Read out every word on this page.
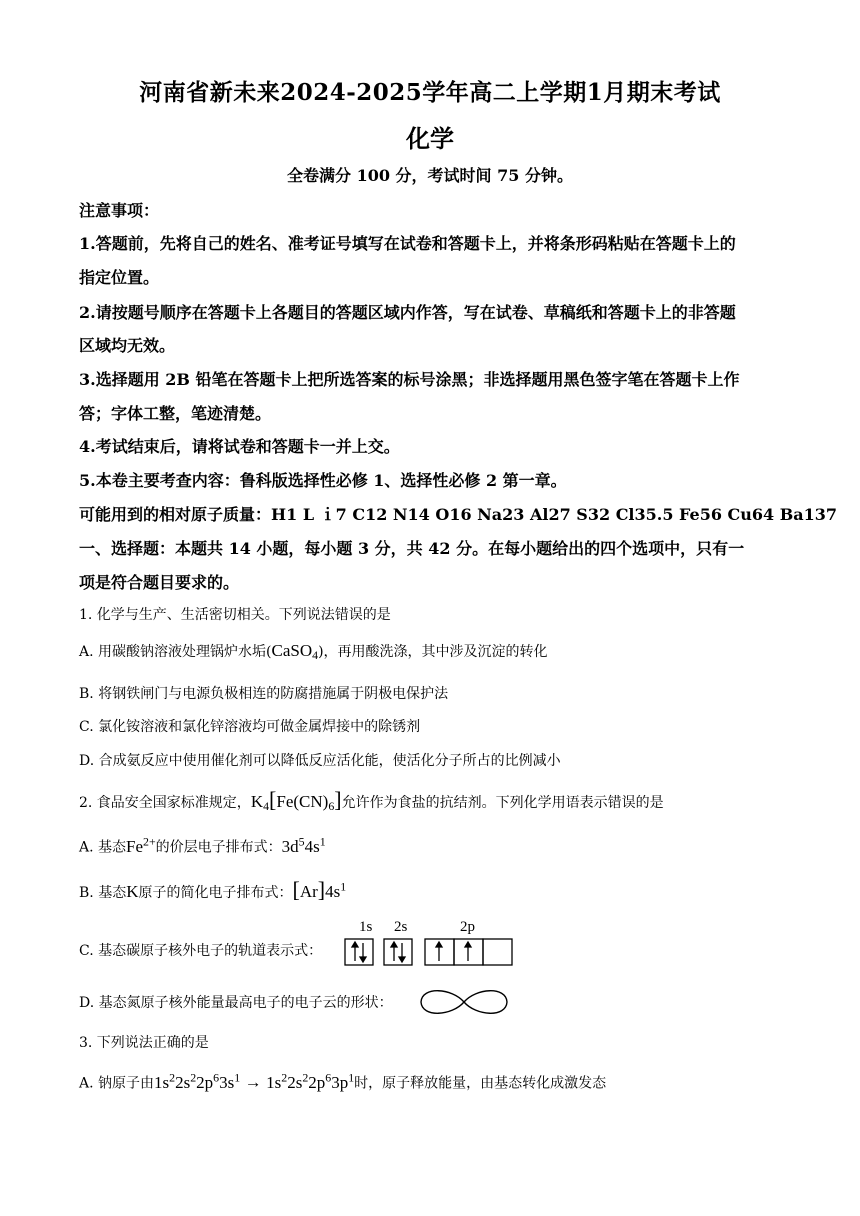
河南省新未来2024-2025学年高二上学期1月期末考试
化学
全卷满分 100 分，考试时间 75 分钟。
注意事项：
1.答题前，先将自己的姓名、准考证号填写在试卷和答题卡上，并将条形码粘贴在答题卡上的
指定位置。
2.请按题号顺序在答题卡上各题目的答题区域内作答，写在试卷、草稿纸和答题卡上的非答题
区域均无效。
3.选择题用 2B 铅笔在答题卡上把所选答案的标号涂黑；非选择题用黑色签字笔在答题卡上作
答；字体工整，笔迹清楚。
4.考试结束后，请将试卷和答题卡一并上交。
5.本卷主要考查内容：鲁科版选择性必修 1、选择性必修 2 第一章。
可能用到的相对原子质量：H1 L ｉ7 C12 N14 O16 Na23 Al27 S32 Cl35.5 Fe56 Cu64 Ba137
一、选择题：本题共 14 小题，每小题 3 分，共 42 分。在每小题给出的四个选项中，只有一
项是符合题目要求的。
1. 化学与生产、生活密切相关。下列说法错误的是
A. 用碳酸钠溶液处理锅炉水垢(CaSO$_4$)，再用酸洗涤，其中涉及沉淀的转化
B. 将钢铁闸门与电源负极相连的防腐措施属于阴极电保护法
C. 氯化铵溶液和氯化锌溶液均可做金属焊接中的除锈剂
D. 合成氨反应中使用催化剂可以降低反应活化能，使活化分子所占的比例减小
2. 食品安全国家标准规定，$K_4[Fe(CN)_6]$允许作为食盐的抗结剂。下列化学用语表示错误的是
A. 基态$Fe^{2+}$的价层电子排布式：$3d^54s^1$
B. 基态K原子的简化电子排布式：$[Ar]4s^1$
C. 基态碳原子核外电子的轨道表示式：
1s 2s	2p
D. 基态氮原子核外能量最高电子的电子云的形状：
3. 下列说法正确的是
A. 钠原子由$1s^22s^22p^63s^1 \to 1s^22s^22p^63p^1$时，原子释放能量，由基态转化成激发态
